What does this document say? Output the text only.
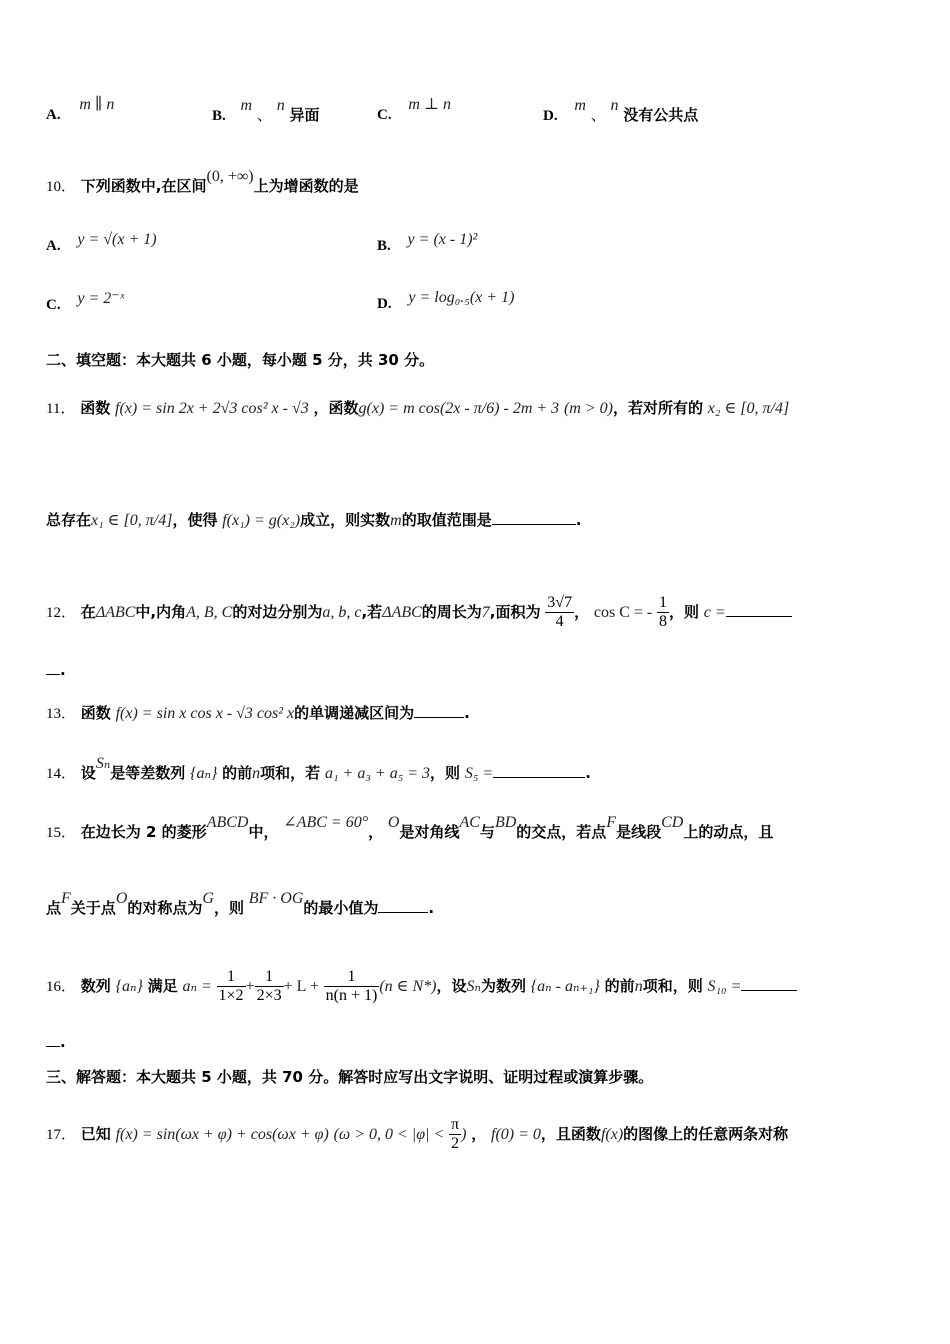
A. m ∥ n
B. m 、 n 异面	C. m ⊥ n
D. m 、 n 没有公共点
10． 下列函数中,在区间(0, +∞)上为增函数的是
A. y = √(x + 1)	B. y = (x - 1)²
C. y = 2⁻ˣ	D. y = log₀.₅(x + 1)
二、填空题：本大题共 6 小题，每小题 5 分，共 30 分。
11． 函数 f(x) = sin 2x + 2√3 cos² x - √3 ，函数g(x) = m cos(2x - π/6) - 2m + 3 (m > 0)，若对所有的 x₂ ∈ [0, π/4]
总存在x₁ ∈ [0, π/4]，使得 f(x₁) = g(x₂)成立，则实数m的取值范围是	.
12． 在ΔABC中,内角A, B, C的对边分别为a, b, c,若ΔABC的周长为7,面积为 $\frac{3√7}{4}$ ， cos C = - $\frac{1}{8}$ ，则 c =
.
13． 函数 f(x) = sin x cos x - √3 cos² x的单调递减区间为	.
14． 设Sₙ是等差数列 {aₙ} 的前n项和，若 a₁ + a₃ + a₅ = 3，则 S₅ =	.
15． 在边长为 2 的菱形ABCD中， ∠ABC = 60°， O是对角线AC与BD的交点，若点F是线段CD上的动点，且
点F关于点O的对称点为G，则 BF · OG的最小值为	.
16． 数列 {aₙ} 满足 $a_n = \frac{1}{1\times 2} + \frac{1}{2\times 3} + L + \frac{1}{n(n + 1)} (n$ ∈ N*)，设Sₙ为数列 {aₙ - aₙ₊₁} 的前n项和，则 S₁₀ =
.
三、解答题：本大题共 5 小题，共 70 分。解答时应写出文字说明、证明过程或演算步骤。
17． 已知 f(x) = sin(ωx + φ) + cos(ωx + φ) (ω > 0, $0 < |\varphi| < \frac{\pi}{2}$ ) ， f(0) = 0，且函数f(x)的图像上的任意两条对称
